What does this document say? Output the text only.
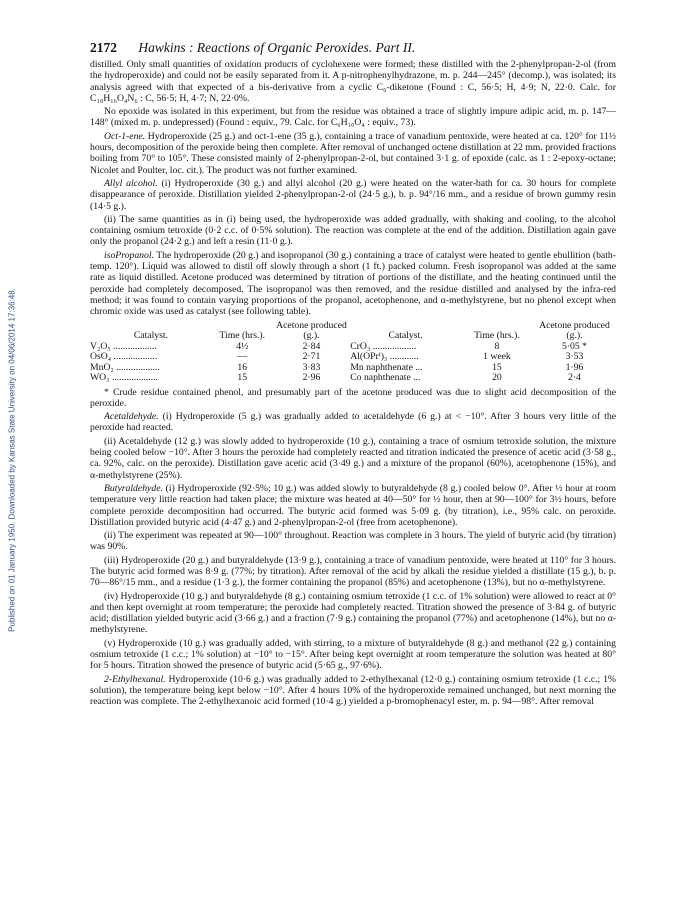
Published on 01 January 1950. Downloaded by Kansas State University on 04/06/2014 17:36:48.
2172 Hawkins : Reactions of Organic Peroxides. Part II.

distilled. Only small quantities of oxidation products of cyclohexene were formed; these distilled with the 2-phenylpropan-2-ol (from the hydroperoxide) and could not be easily separated from it. A p-nitrophenylhydrazone, m. p. 244—245° (decomp.), was isolated; its analysis agreed with that expected of a bis-derivative from a cyclic C₆-diketone (Found : C, 56·5; H, 4·9; N, 22·0. Calc. for C₁₈H₁₆O₄N₆ : C, 56·5; H, 4·7; N, 22·0%.

No epoxide was isolated in this experiment, but from the residue was obtained a trace of slightly impure adipic acid, m. p. 147—148° (mixed m. p. undepressed) (Found : equiv., 79. Calc. for C₆H₁₀O₄ : equiv., 73).

Oct-1-ene. Hydroperoxide (25 g.) and oct-1-ene (35 g.), containing a trace of vanadium pentoxide, were heated at ca. 120° for 11½ hours, decomposition of the peroxide being then complete. After removal of unchanged octene distillation at 22 mm. provided fractions boiling from 70° to 105°. These consisted mainly of 2-phenylpropan-2-ol, but contained 3·1 g. of epoxide (calc. as 1 : 2-epoxy-octane; Nicolet and Poulter, loc. cit.). The product was not further examined.

Allyl alcohol. (i) Hydroperoxide (30 g.) and allyl alcohol (20 g.) were heated on the water-bath for ca. 30 hours for complete disappearance of peroxide. Distillation yielded 2-phenylpropan-2-ol (24·5 g.), b. p. 94°/16 mm., and a residue of brown gummy resin (14·5 g.).

(ii) The same quantities as in (i) being used, the hydroperoxide was added gradually, with shaking and cooling, to the alcohol containing osmium tetroxide (0·2 c.c. of 0·5% solution). The reaction was complete at the end of the addition. Distillation again gave only the propanol (24·2 g.) and left a resin (11·0 g.).

isoPropanol. The hydroperoxide (20 g.) and isopropanol (30 g.) containing a trace of catalyst were heated to gentle ebullition (bath-temp. 120°). Liquid was allowed to distil off slowly through a short (1 ft.) packed column. Fresh isopropanol was added at the same rate as liquid distilled. Acetone produced was determined by titration of portions of the distillate, and the heating continued until the peroxide had completely decomposed. The isopropanol was then removed, and the residue distilled and analysed by the infra-red method; it was found to contain varying proportions of the propanol, acetophenone, and α-methylstyrene, but no phenol except when chromic oxide was used as catalyst (see following table).

Catalyst.	Time (hrs.).	Acetone produced (g.).	Catalyst.	Time (hrs.).	Acetone produced (g.).
V₂O₅ ..................	4½	2·84	CrO₃ ..................	8	5·05 *
OsO₄ ..................	—	2·71	Al(OPrⁱ)₃ ............	1 week	3·53
MnO₂ ..................	16	3·83	Mn naphthenate ...	15	1·96
WO₃ ...................	15	2·96	Co naphthenate ...	20	2·4

* Crude residue contained phenol, and presumably part of the acetone produced was due to slight acid decomposition of the peroxide.

Acetaldehyde. (i) Hydroperoxide (5 g.) was gradually added to acetaldehyde (6 g.) at < −10°. After 3 hours very little of the peroxide had reacted.

(ii) Acetaldehyde (12 g.) was slowly added to hydroperoxide (10 g.), containing a trace of osmium tetroxide solution, the mixture being cooled below −10°. After 3 hours the peroxide had completely reacted and titration indicated the presence of acetic acid (3·58 g., ca. 92%, calc. on the peroxide). Distillation gave acetic acid (3·49 g.) and a mixture of the propanol (60%), acetophenone (15%), and α-methylstyrene (25%).

Butyraldehyde. (i) Hydroperoxide (92·5%; 10 g.) was added slowly to butyraldehyde (8 g.) cooled below 0°. After ½ hour at room temperature very little reaction had taken place; the mixture was heated at 40—50° for ½ hour, then at 90—100° for 3½ hours, before complete peroxide decomposition had occurred. The butyric acid formed was 5·09 g. (by titration), i.e., 95% calc. on peroxide. Distillation provided butyric acid (4·47 g.) and 2-phenylpropan-2-ol (free from acetophenone).

(ii) The experiment was repeated at 90—100° throughout. Reaction was complete in 3 hours. The yield of butyric acid (by titration) was 90%.

(iii) Hydroperoxide (20 g.) and butyraldehyde (13·9 g.), containing a trace of vanadium pentoxide, were heated at 110° for 3 hours. The butyric acid formed was 8·9 g. (77%; by titration). After removal of the acid by alkali the residue yielded a distillate (15 g.), b. p. 70—86°/15 mm., and a residue (1·3 g.), the former containing the propanol (85%) and acetophenone (13%), but no α-methylstyrene.

(iv) Hydroperoxide (10 g.) and butyraldehyde (8 g.) containing osmium tetroxide (1 c.c. of 1% solution) were allowed to react at 0° and then kept overnight at room temperature; the peroxide had completely reacted. Titration showed the presence of 3·84 g. of butyric acid; distillation yielded butyric acid (3·66 g.) and a fraction (7·9 g.) containing the propanol (77%) and acetophenone (14%), but no α-methylstyrene.

(v) Hydroperoxide (10 g.) was gradually added, with stirring, to a mixture of butyraldehyde (8 g.) and methanol (22 g.) containing osmium tetroxide (1 c.c.; 1% solution) at −10° to −15°. After being kept overnight at room temperature the solution was heated at 80° for 5 hours. Titration showed the presence of butyric acid (5·65 g., 97·6%).

2-Ethylhexanal. Hydroperoxide (10·6 g.) was gradually added to 2-ethylhexanal (12·0 g.) containing osmium tetroxide (1 c.c.; 1% solution), the temperature being kept below −10°. After 4 hours 10% of the hydroperoxide remained unchanged, but next morning the reaction was complete. The 2-ethylhexanoic acid formed (10·4 g.) yielded a p-bromophenacyl ester, m. p. 94—98°. After removal
